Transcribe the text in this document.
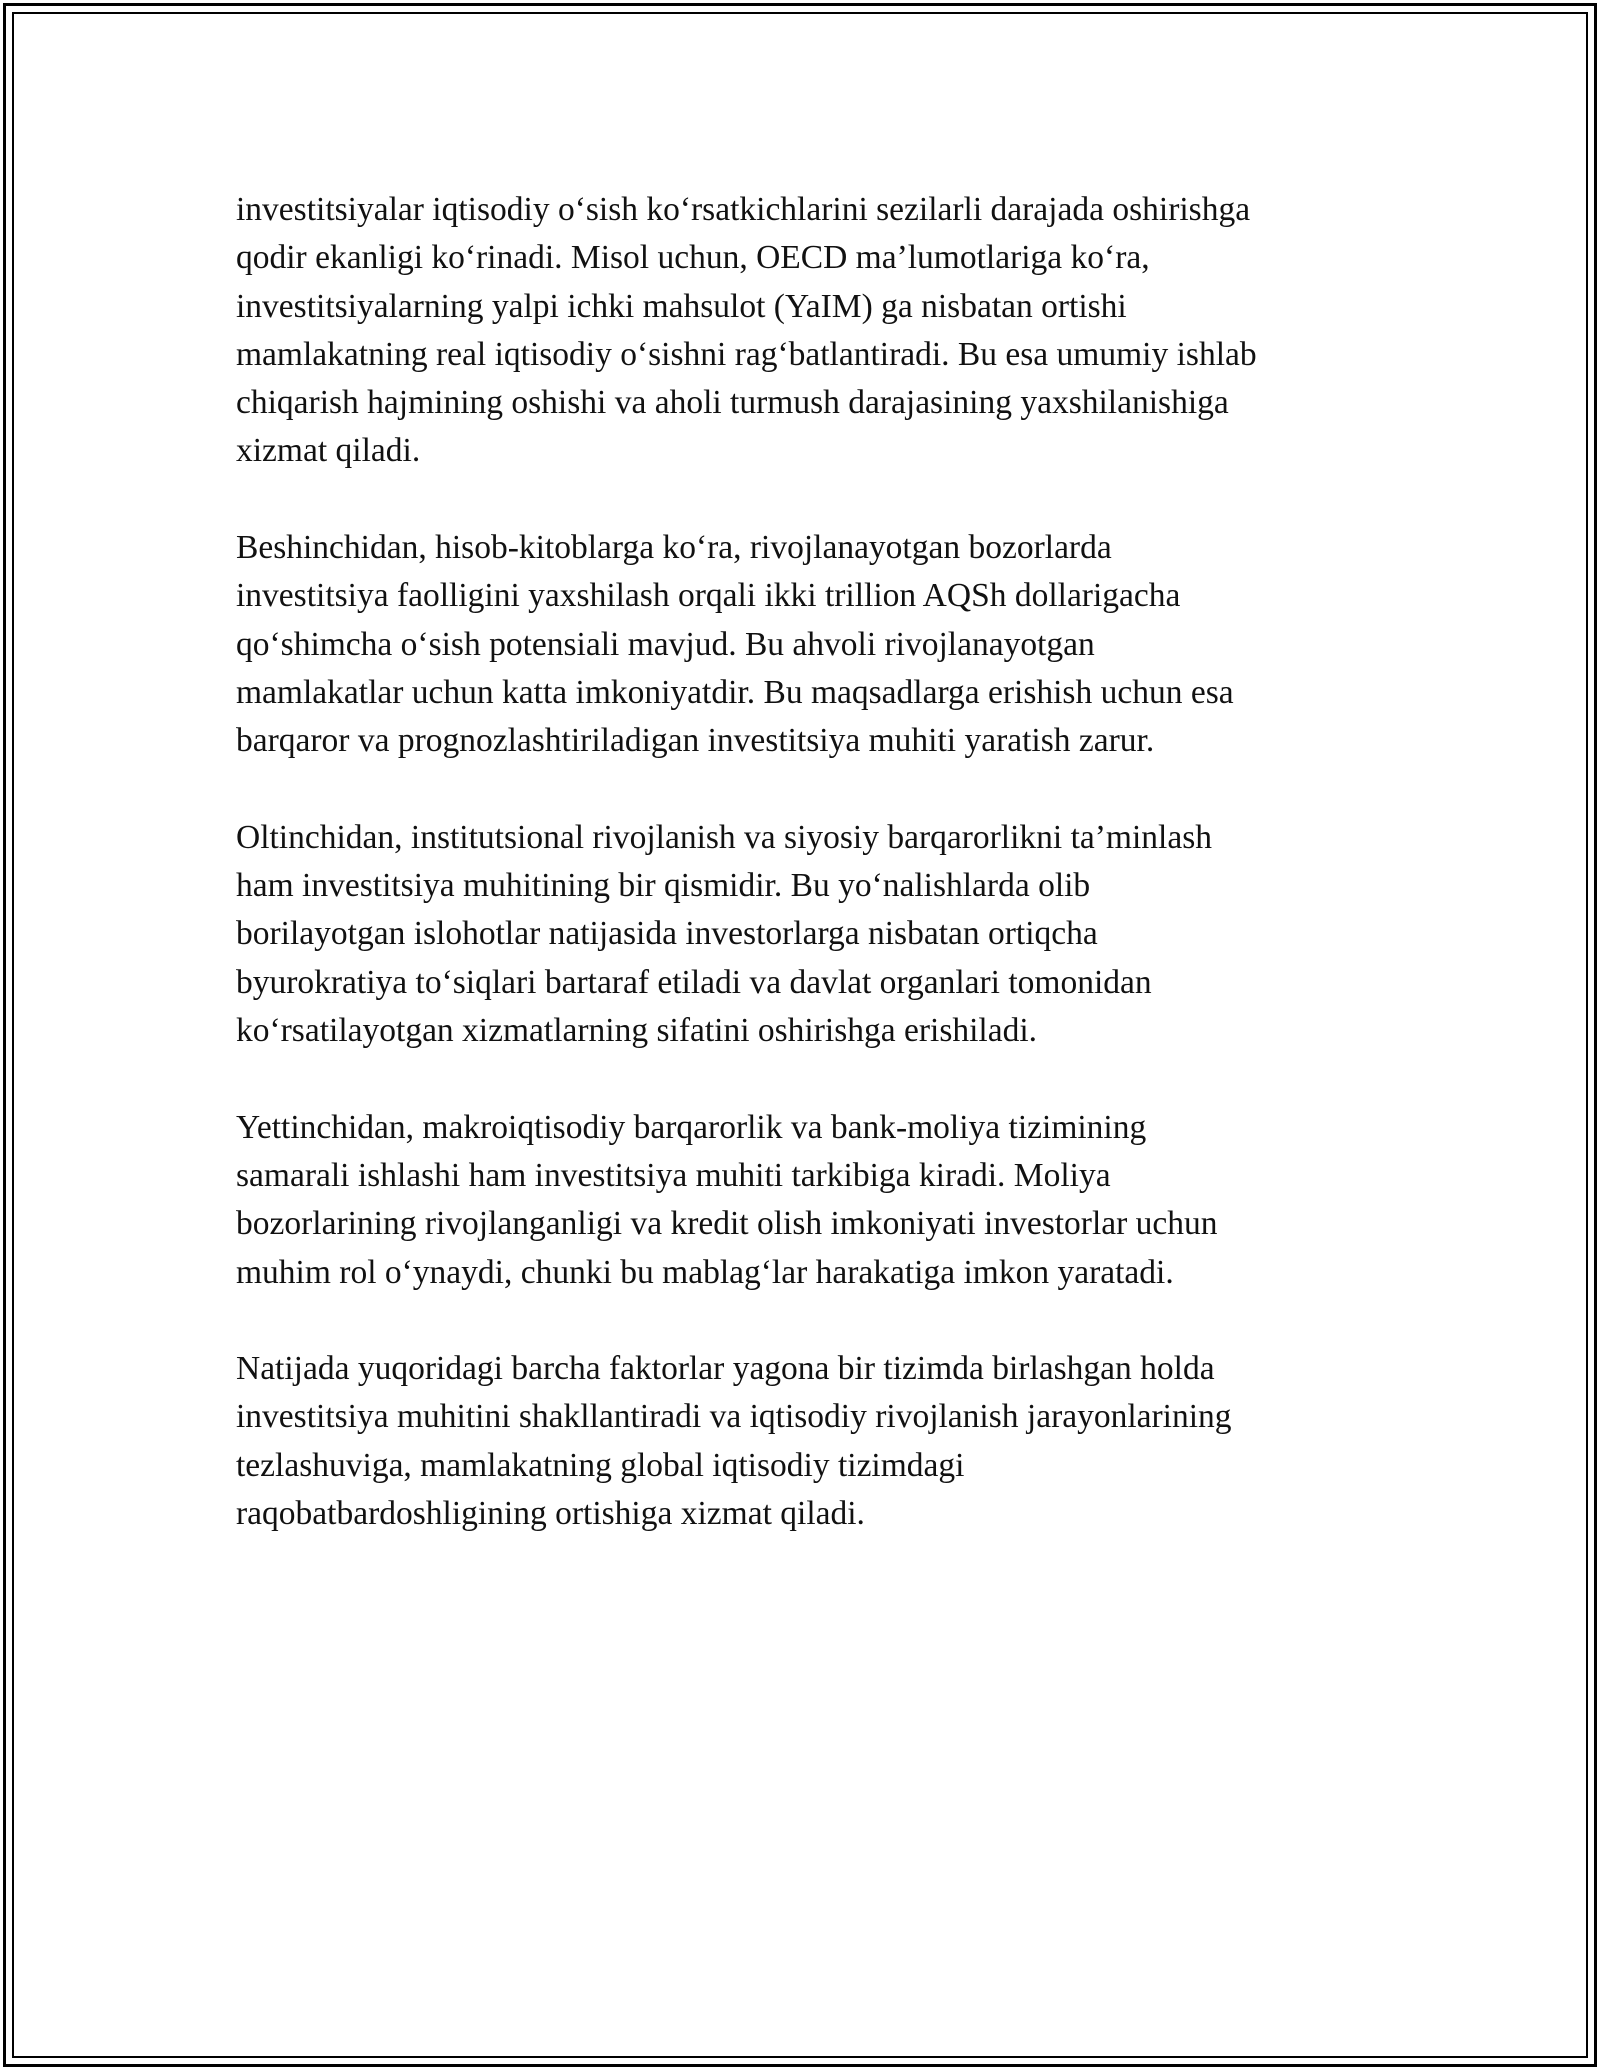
investitsiyalar iqtisodiy o‘sish ko‘rsatkichlarini sezilarli darajada oshirishga
qodir ekanligi ko‘rinadi. Misol uchun, OECD ma’lumotlariga ko‘ra,
investitsiyalarning yalpi ichki mahsulot (YaIM) ga nisbatan ortishi
mamlakatning real iqtisodiy o‘sishni rag‘batlantiradi. Bu esa umumiy ishlab
chiqarish hajmining oshishi va aholi turmush darajasining yaxshilanishiga
xizmat qiladi.

Beshinchidan, hisob-kitoblarga ko‘ra, rivojlanayotgan bozorlarda
investitsiya faolligini yaxshilash orqali ikki trillion AQSh dollarigacha
qo‘shimcha o‘sish potensiali mavjud. Bu ahvoli rivojlanayotgan
mamlakatlar uchun katta imkoniyatdir. Bu maqsadlarga erishish uchun esa
barqaror va prognozlashtiriladigan investitsiya muhiti yaratish zarur.

Oltinchidan, institutsional rivojlanish va siyosiy barqarorlikni ta’minlash
ham investitsiya muhitining bir qismidir. Bu yo‘nalishlarda olib
borilayotgan islohotlar natijasida investorlarga nisbatan ortiqcha
byurokratiya to‘siqlari bartaraf etiladi va davlat organlari tomonidan
ko‘rsatilayotgan xizmatlarning sifatini oshirishga erishiladi.

Yettinchidan, makroiqtisodiy barqarorlik va bank-moliya tizimining
samarali ishlashi ham investitsiya muhiti tarkibiga kiradi. Moliya
bozorlarining rivojlanganligi va kredit olish imkoniyati investorlar uchun
muhim rol o‘ynaydi, chunki bu mablag‘lar harakatiga imkon yaratadi.

Natijada yuqoridagi barcha faktorlar yagona bir tizimda birlashgan holda
investitsiya muhitini shakllantiradi va iqtisodiy rivojlanish jarayonlarining
tezlashuviga, mamlakatning global iqtisodiy tizimdagi
raqobatbardoshligining ortishiga xizmat qiladi.
